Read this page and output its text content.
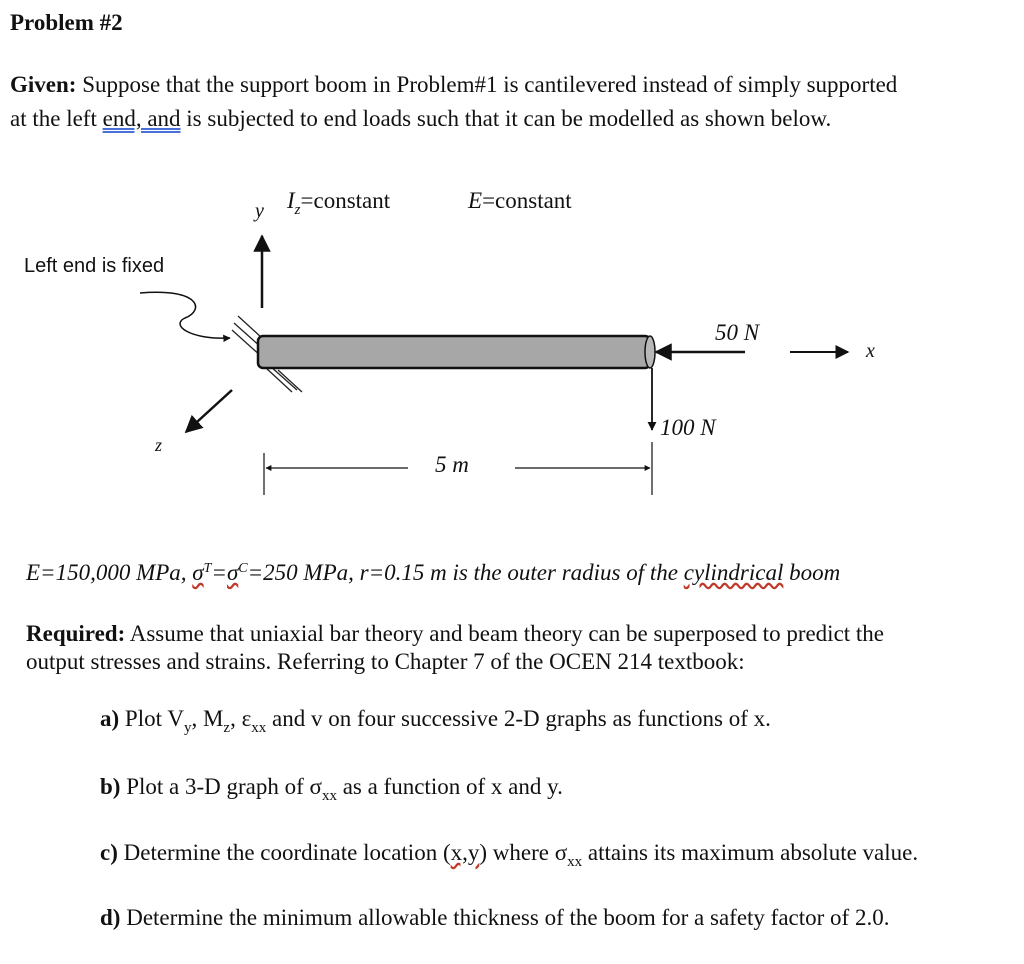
Problem #2
Given: Suppose that the support boom in Problem#1 is cantilevered instead of simply supported
at the left end, and is subjected to end loads such that it can be modelled as shown below.
y $I_z=constant$	E=constant
Left end is fixed
50 N
x
100 N
z
5 m
E=150,000 MPa, $\sigma^T=\sigma^C=250$ MPa, r=0.15 m is the outer radius of the cylindrical boom
Required: Assume that uniaxial bar theory and beam theory can be superposed to predict the
output stresses and strains. Referring to Chapter 7 of the OCEN 214 textbook:
a) Plot $V_y$, $M_z$, $\varepsilon_{xx}$ and v on four successive 2-D graphs as functions of x.
b) Plot a 3-D graph of $\sigma_{xx}$ as a function of x and y.
c) Determine the coordinate location (x,y) where $\sigma_{xx}$ attains its maximum absolute value.
d) Determine the minimum allowable thickness of the boom for a safety factor of 2.0.
